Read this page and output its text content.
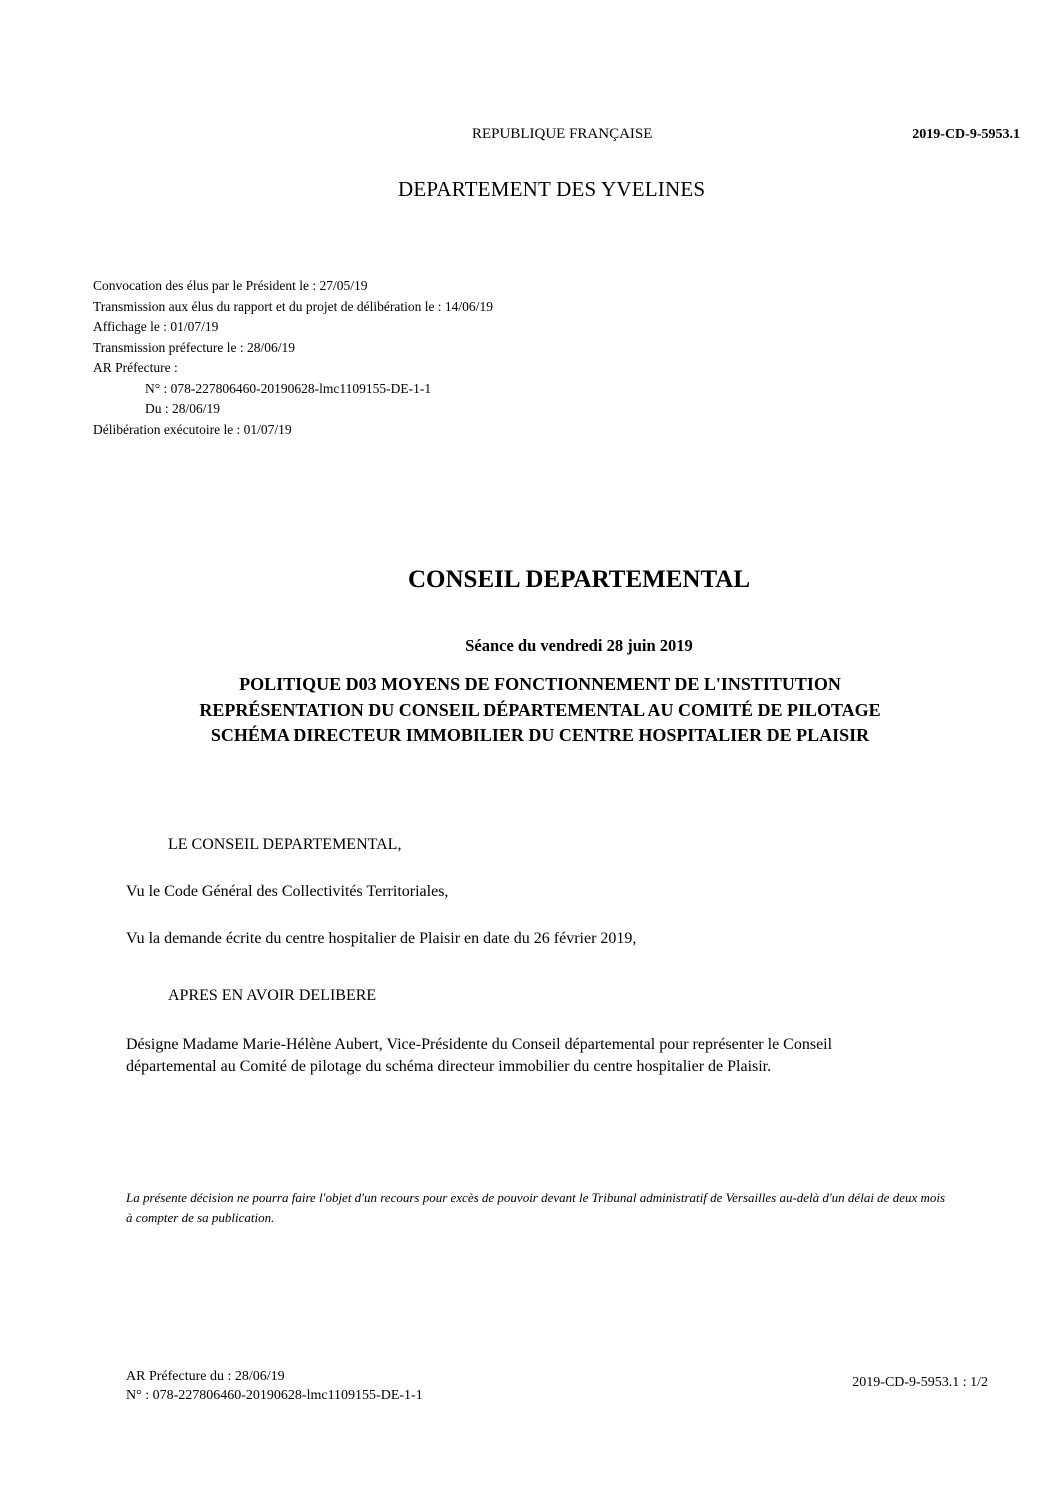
REPUBLIQUE FRANÇAISE	2019-CD-9-5953.1
DEPARTEMENT DES YVELINES
Convocation des élus par le Président le : 27/05/19
Transmission aux élus du rapport et du projet de délibération le : 14/06/19
Affichage le : 01/07/19
Transmission préfecture le : 28/06/19
AR Préfecture :
N° : 078-227806460-20190628-lmc1109155-DE-1-1
Du : 28/06/19
Délibération exécutoire le : 01/07/19
CONSEIL DEPARTEMENTAL
Séance du vendredi 28 juin 2019
POLITIQUE D03 MOYENS DE FONCTIONNEMENT DE L'INSTITUTION
REPRÉSENTATION DU CONSEIL DÉPARTEMENTAL AU COMITÉ DE PILOTAGE
SCHÉMA DIRECTEUR IMMOBILIER DU CENTRE HOSPITALIER DE PLAISIR
LE CONSEIL DEPARTEMENTAL,
Vu le Code Général des Collectivités Territoriales,
Vu la demande écrite du centre hospitalier de Plaisir en date du 26 février 2019,
APRES EN AVOIR DELIBERE
Désigne Madame Marie-Hélène Aubert, Vice-Présidente du Conseil départemental pour représenter le Conseil départemental au Comité de pilotage du schéma directeur immobilier du centre hospitalier de Plaisir.
La présente décision ne pourra faire l'objet d'un recours pour excès de pouvoir devant le Tribunal administratif de Versailles au-delà d'un délai de deux mois à compter de sa publication.
AR Préfecture du : 28/06/19
N° : 078-227806460-20190628-lmc1109155-DE-1-1
2019-CD-9-5953.1 : 1/2
